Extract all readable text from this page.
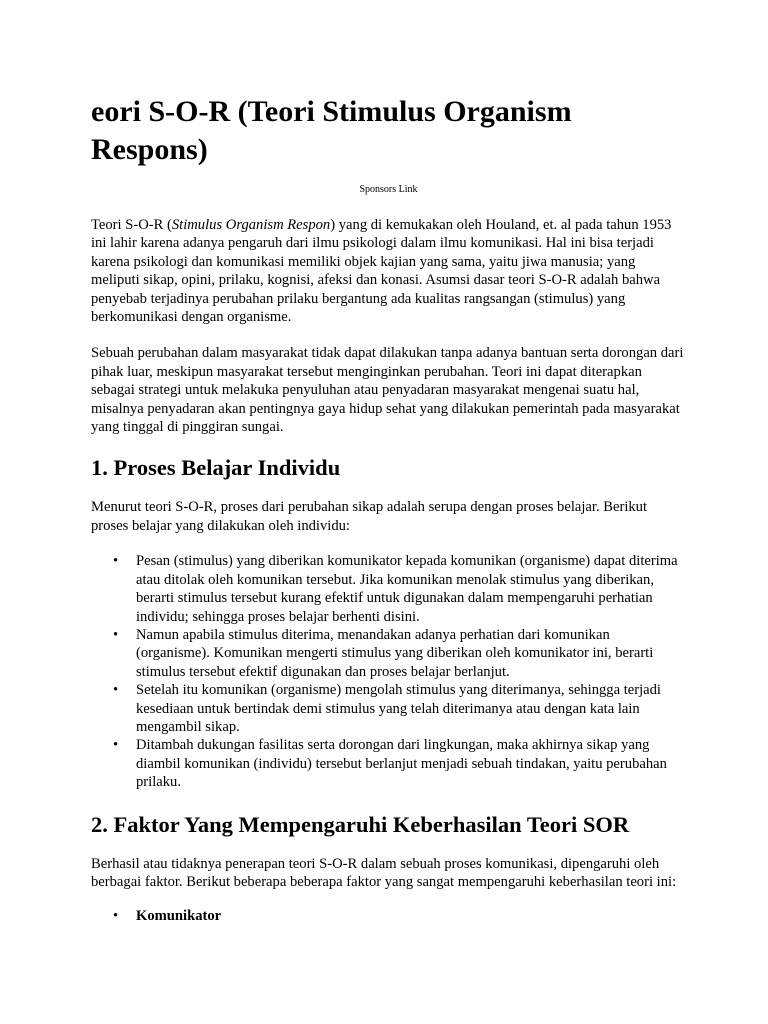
eori S-O-R (Teori Stimulus Organism Respons)
Sponsors Link

Teori S-O-R (Stimulus Organism Respon) yang di kemukakan oleh Houland, et. al pada tahun 1953 ini lahir karena adanya pengaruh dari ilmu psikologi dalam ilmu komunikasi. Hal ini bisa terjadi karena psikologi dan komunikasi memiliki objek kajian yang sama, yaitu jiwa manusia; yang meliputi sikap, opini, prilaku, kognisi, afeksi dan konasi. Asumsi dasar teori S-O-R adalah bahwa penyebab terjadinya perubahan prilaku bergantung ada kualitas rangsangan (stimulus) yang berkomunikasi dengan organisme.

Sebuah perubahan dalam masyarakat tidak dapat dilakukan tanpa adanya bantuan serta dorongan dari pihak luar, meskipun masyarakat tersebut menginginkan perubahan. Teori ini dapat diterapkan sebagai strategi untuk melakuka penyuluhan atau penyadaran masyarakat mengenai suatu hal, misalnya penyadaran akan pentingnya gaya hidup sehat yang dilakukan pemerintah pada masyarakat yang tinggal di pinggiran sungai.

1. Proses Belajar Individu

Menurut teori S-O-R, proses dari perubahan sikap adalah serupa dengan proses belajar. Berikut proses belajar yang dilakukan oleh individu:

• Pesan (stimulus) yang diberikan komunikator kepada komunikan (organisme) dapat diterima atau ditolak oleh komunikan tersebut. Jika komunikan menolak stimulus yang diberikan, berarti stimulus tersebut kurang efektif untuk digunakan dalam mempengaruhi perhatian individu; sehingga proses belajar berhenti disini.
• Namun apabila stimulus diterima, menandakan adanya perhatian dari komunikan (organisme). Komunikan mengerti stimulus yang diberikan oleh komunikator ini, berarti stimulus tersebut efektif digunakan dan proses belajar berlanjut.
• Setelah itu komunikan (organisme) mengolah stimulus yang diterimanya, sehingga terjadi kesediaan untuk bertindak demi stimulus yang telah diterimanya atau dengan kata lain mengambil sikap.
• Ditambah dukungan fasilitas serta dorongan dari lingkungan, maka akhirnya sikap yang diambil komunikan (individu) tersebut berlanjut menjadi sebuah tindakan, yaitu perubahan prilaku.
2. Faktor Yang Mempengaruhi Keberhasilan Teori SOR

Berhasil atau tidaknya penerapan teori S-O-R dalam sebuah proses komunikasi, dipengaruhi oleh berbagai faktor. Berikut beberapa beberapa faktor yang sangat mempengaruhi keberhasilan teori ini:

• Komunikator
